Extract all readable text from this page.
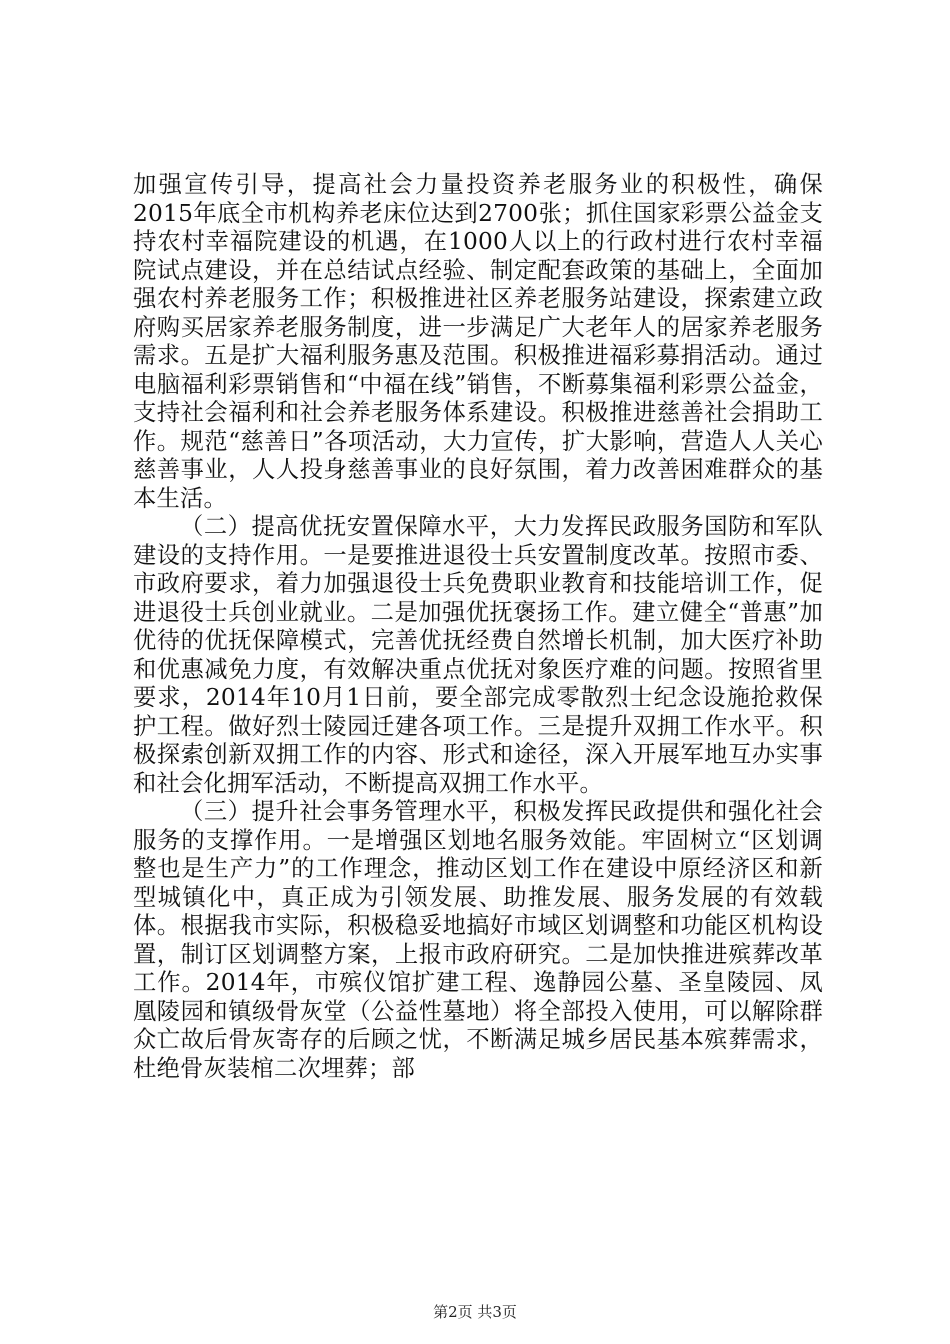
加强宣传引导，提高社会力量投资养老服务业的积极性，确保2015年底全市机构养老床位达到2700张；抓住国家彩票公益金支持农村幸福院建设的机遇，在1000人以上的行政村进行农村幸福院试点建设，并在总结试点经验、制定配套政策的基础上，全面加强农村养老服务工作；积极推进社区养老服务站建设，探索建立政府购买居家养老服务制度，进一步满足广大老年人的居家养老服务需求。五是扩大福利服务惠及范围。积极推进福彩募捐活动。通过电脑福利彩票销售和“中福在线”销售，不断募集福利彩票公益金，支持社会福利和社会养老服务体系建设。积极推进慈善社会捐助工作。规范“慈善日”各项活动，大力宣传，扩大影响，营造人人关心慈善事业，人人投身慈善事业的良好氛围，着力改善困难群众的基本生活。

（二）提高优抚安置保障水平，大力发挥民政服务国防和军队建设的支持作用。一是要推进退役士兵安置制度改革。按照市委、市政府要求，着力加强退役士兵免费职业教育和技能培训工作，促进退役士兵创业就业。二是加强优抚褒扬工作。建立健全“普惠”加优待的优抚保障模式，完善优抚经费自然增长机制，加大医疗补助和优惠减免力度，有效解决重点优抚对象医疗难的问题。按照省里要求，2014年10月1日前，要全部完成零散烈士纪念设施抢救保护工程。做好烈士陵园迁建各项工作。三是提升双拥工作水平。积极探索创新双拥工作的内容、形式和途径，深入开展军地互办实事和社会化拥军活动，不断提高双拥工作水平。

（三）提升社会事务管理水平，积极发挥民政提供和强化社会服务的支撑作用。一是增强区划地名服务效能。牢固树立“区划调整也是生产力”的工作理念，推动区划工作在建设中原经济区和新型城镇化中，真正成为引领发展、助推发展、服务发展的有效载体。根据我市实际，积极稳妥地搞好市域区划调整和功能区机构设置，制订区划调整方案，上报市政府研究。二是加快推进殡葬改革工作。2014年，市殡仪馆扩建工程、逸静园公墓、圣皇陵园、凤凰陵园和镇级骨灰堂（公益性墓地）将全部投入使用，可以解除群众亡故后骨灰寄存的后顾之忧，不断满足城乡居民基本殡葬需求，杜绝骨灰装棺二次埋葬；部

第2页 共3页
